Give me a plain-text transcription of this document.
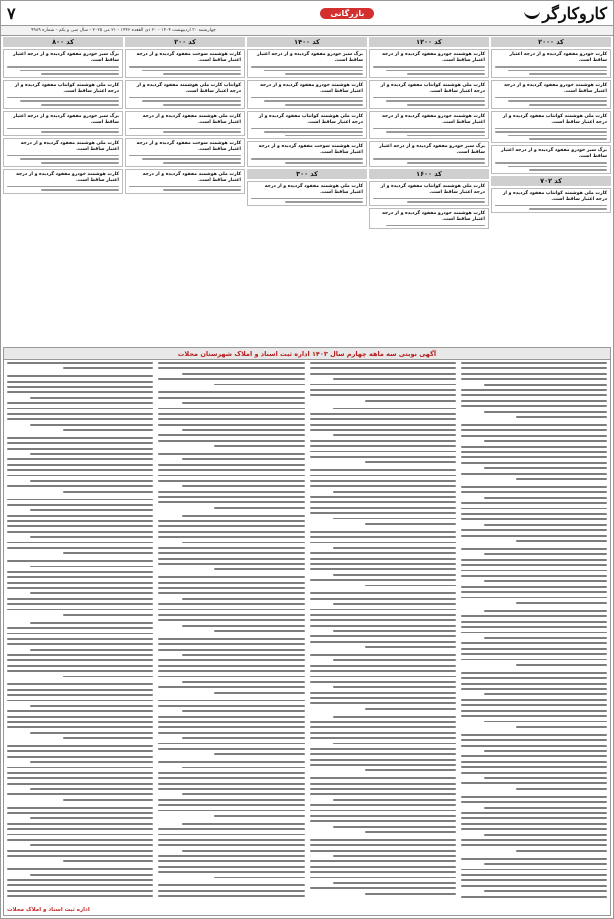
کاروکارگر
بازرگانی
۷
چهارشنبه ۳۰ اردیبهشت ۱۴۰۴ - ۲۰ ذی القعده ۱۴۴۶ - ۲۱ می ۲۰۲۵ - سال سی و یکم - شماره ۹۹۸۹
کد ۲۰۰۰
کارت خودرو مفقود گردیده و از درجه اعتبار ساقط است.
کارت هوشمند خودرو مفقود گردیده و از درجه اعتبار ساقط است.
کارت ملی هوشمند کوانتاپ مفقود گردیده و از درجه اعتبار ساقط است.
برگ سبز خودرو مفقود گردیده و از درجه اعتبار ساقط است.
کد ۷۰۲
کارت ملی هوشمند کوانتاپ مفقود گردیده و از درجه اعتبار ساقط است.
کد ۱۲۰۰
کارت هوشمند خودرو مفقود گردیده و از درجه اعتبار ساقط است.
کارت ملی هوشمند کوانتاپ مفقود گردیده و از درجه اعتبار ساقط است.
کارت هوشمند خودرو مفقود گردیده و از درجه اعتبار ساقط است.
برگ سبز خودرو مفقود گردیده و از درجه اعتبار ساقط است.
کد ۱۶۰۰
کارت ملی هوشمند کوانتاپ مفقود گردیده و از درجه اعتبار ساقط است.
کارت هوشمند خودرو مفقود گردیده و از درجه اعتبار ساقط است.
کد ۱۴۰۰
برگ سبز خودرو مفقود گردیده و از درجه اعتبار ساقط است.
کارت هوشمند خودرو مفقود گردیده و از درجه اعتبار ساقط است.
کارت ملی هوشمند کوانتاپ مفقود گردیده و از درجه اعتبار ساقط است.
کارت هوشمند سوخت مفقود گردیده و از درجه اعتبار ساقط است.
کد ۳۰۰
کارت ملی هوشمند مفقود گردیده و از درجه اعتبار ساقط است.
کد ۲۰۰
کارت هوشمند سوخت مفقود گردیده و از درجه اعتبار ساقط است.
کوانتاپ کارت ملی هوشمند مفقود گردیده و از درجه اعتبار ساقط است.
کارت ملی هوشمند مفقود گردیده و از درجه اعتبار ساقط است.
کارت هوشمند سوخت مفقود گردیده و از درجه اعتبار ساقط است.
کارت ملی هوشمند مفقود گردیده و از درجه اعتبار ساقط است.
کد ۸۰۰
برگ سبز خودرو مفقود گردیده و از درجه اعتبار ساقط است.
کارت ملی هوشمند کوانتاپ مفقود گردیده و از درجه اعتبار ساقط است.
برگ سبز خودرو مفقود گردیده و از درجه اعتبار ساقط است.
کارت ملی هوشمند مفقود گردیده و از درجه اعتبار ساقط است.
کارت هوشمند خودرو مفقود گردیده و از درجه اعتبار ساقط است.
آگهی نوبتی سه ماهه چهارم سال ۱۴۰۳ اداره ثبت اسناد و املاک شهرستان محلات
اداره ثبت اسناد و املاک محلات
